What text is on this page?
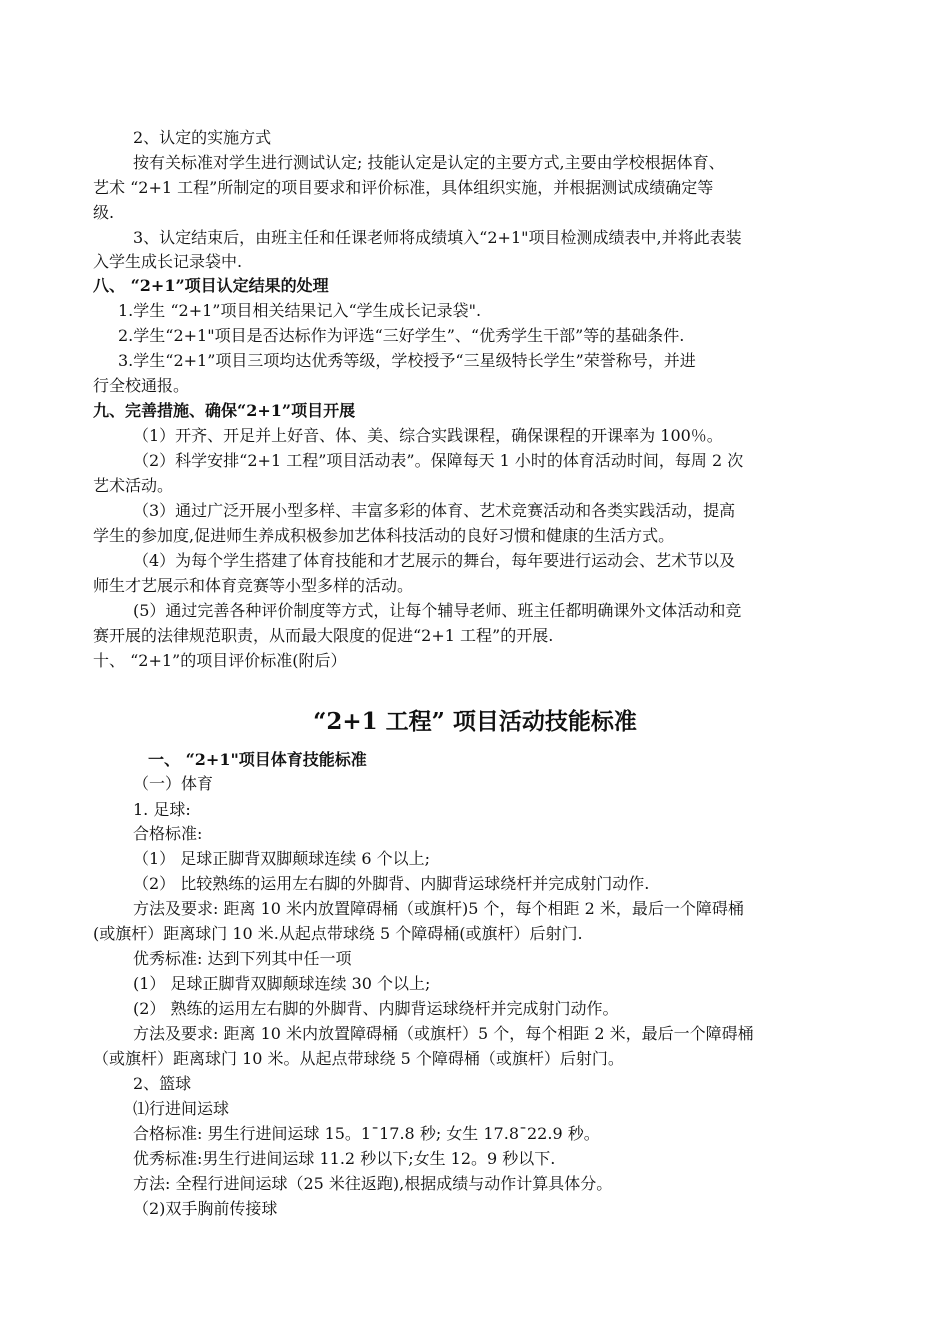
2、认定的实施方式
按有关标准对学生进行测试认定; 技能认定是认定的主要方式,主要由学校根据体育、
艺术 “2+1 工程”所制定的项目要求和评价标准，具体组织实施，并根据测试成绩确定等
级.
3、认定结束后，由班主任和任课老师将成绩填入“2+1"项目检测成绩表中,并将此表装
入学生成长记录袋中.
八、 “2+1”项目认定结果的处理
1.学生 “2+1”项目相关结果记入“学生成长记录袋".
2.学生“2+1"项目是否达标作为评选“三好学生”、“优秀学生干部”等的基础条件.
3.学生“2+1”项目三项均达优秀等级，学校授予“三星级特长学生”荣誉称号，并进
行全校通报。
九、完善措施、确保“2+1”项目开展
（1）开齐、开足并上好音、体、美、综合实践课程，确保课程的开课率为 100％。
（2）科学安排“2+1 工程”项目活动表”。保障每天 1 小时的体育活动时间，每周 2 次
艺术活动。
（3）通过广泛开展小型多样、丰富多彩的体育、艺术竞赛活动和各类实践活动，提高
学生的参加度,促进师生养成积极参加艺体科技活动的良好习惯和健康的生活方式。
（4）为每个学生搭建了体育技能和才艺展示的舞台，每年要进行运动会、艺术节以及
师生才艺展示和体育竞赛等小型多样的活动。
(5）通过完善各种评价制度等方式，让每个辅导老师、班主任都明确课外文体活动和竞
赛开展的法律规范职责，从而最大限度的促进“2+1 工程”的开展.
十、 “2+1”的项目评价标准(附后）
“2+1 工程” 项目活动技能标准
一、 “2+1"项目体育技能标准
（一）体育
1. 足球:
合格标准:
（1） 足球正脚背双脚颠球连续 6 个以上;
（2） 比较熟练的运用左右脚的外脚背、内脚背运球绕杆并完成射门动作.
方法及要求: 距离 10 米内放置障碍桶（或旗杆)5 个，每个相距 2 米，最后一个障碍桶
(或旗杆）距离球门 10 米.从起点带球绕 5 个障碍桶(或旗杆）后射门.
优秀标准: 达到下列其中任一项
(1） 足球正脚背双脚颠球连续 30 个以上;
(2） 熟练的运用左右脚的外脚背、内脚背运球绕杆并完成射门动作。
方法及要求: 距离 10 米内放置障碍桶（或旗杆）5 个，每个相距 2 米，最后一个障碍桶
（或旗杆）距离球门 10 米。从起点带球绕 5 个障碍桶（或旗杆）后射门。
2、篮球
⑴行进间运球
合格标准: 男生行进间运球 15。1¯17.8 秒; 女生 17.8¯22.9 秒。
优秀标准:男生行进间运球 11.2 秒以下;女生 12。9 秒以下.
方法: 全程行进间运球（25 米往返跑),根据成绩与动作计算具体分。
（2)双手胸前传接球
